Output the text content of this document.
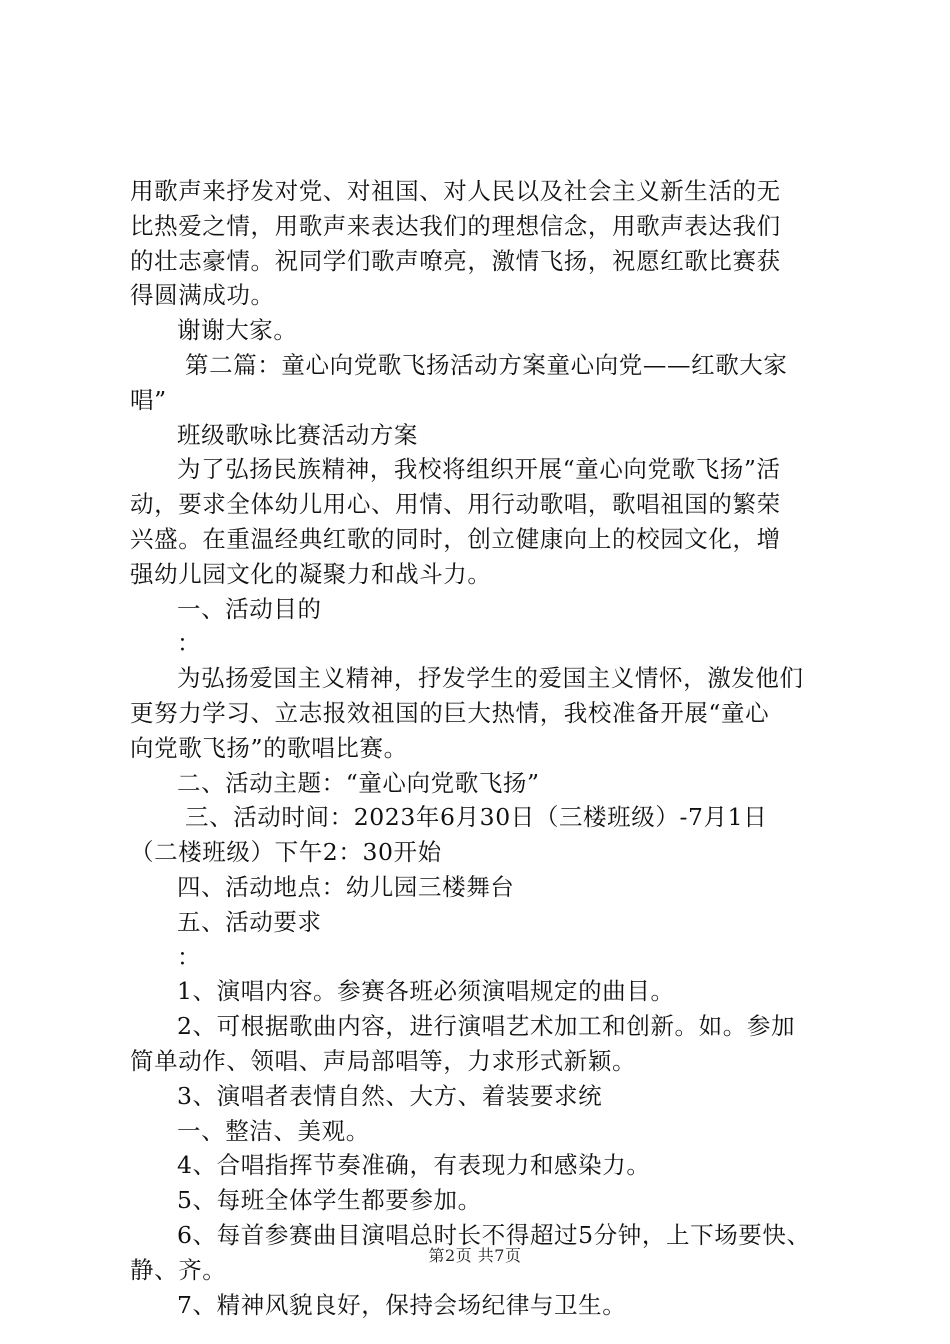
用歌声来抒发对党、对祖国、对人民以及社会主义新生活的无
比热爱之情，用歌声来表达我们的理想信念，用歌声表达我们
的壮志豪情。祝同学们歌声嘹亮，激情飞扬，祝愿红歌比赛获
得圆满成功。
谢谢大家。
第二篇：童心向党歌飞扬活动方案童心向党——红歌大家
唱”
班级歌咏比赛活动方案
为了弘扬民族精神，我校将组织开展“童心向党歌飞扬”活
动，要求全体幼儿用心、用情、用行动歌唱，歌唱祖国的繁荣
兴盛。在重温经典红歌的同时，创立健康向上的校园文化，增
强幼儿园文化的凝聚力和战斗力。
一、活动目的
：
为弘扬爱国主义精神，抒发学生的爱国主义情怀，激发他们
更努力学习、立志报效祖国的巨大热情，我校准备开展“童心
向党歌飞扬”的歌唱比赛。
二、活动主题：“童心向党歌飞扬”
三、活动时间：2023年6月30日（三楼班级）-7月1日
（二楼班级）下午2：30开始
四、活动地点：幼儿园三楼舞台
五、活动要求
：
1、演唱内容。参赛各班必须演唱规定的曲目。
2、可根据歌曲内容，进行演唱艺术加工和创新。如。参加
简单动作、领唱、声局部唱等，力求形式新颖。
3、演唱者表情自然、大方、着装要求统
一、整洁、美观。
4、合唱指挥节奏准确，有表现力和感染力。
5、每班全体学生都要参加。
6、每首参赛曲目演唱总时长不得超过5分钟，上下场要快、
静、齐。
7、精神风貌良好，保持会场纪律与卫生。
第2页 共7页
